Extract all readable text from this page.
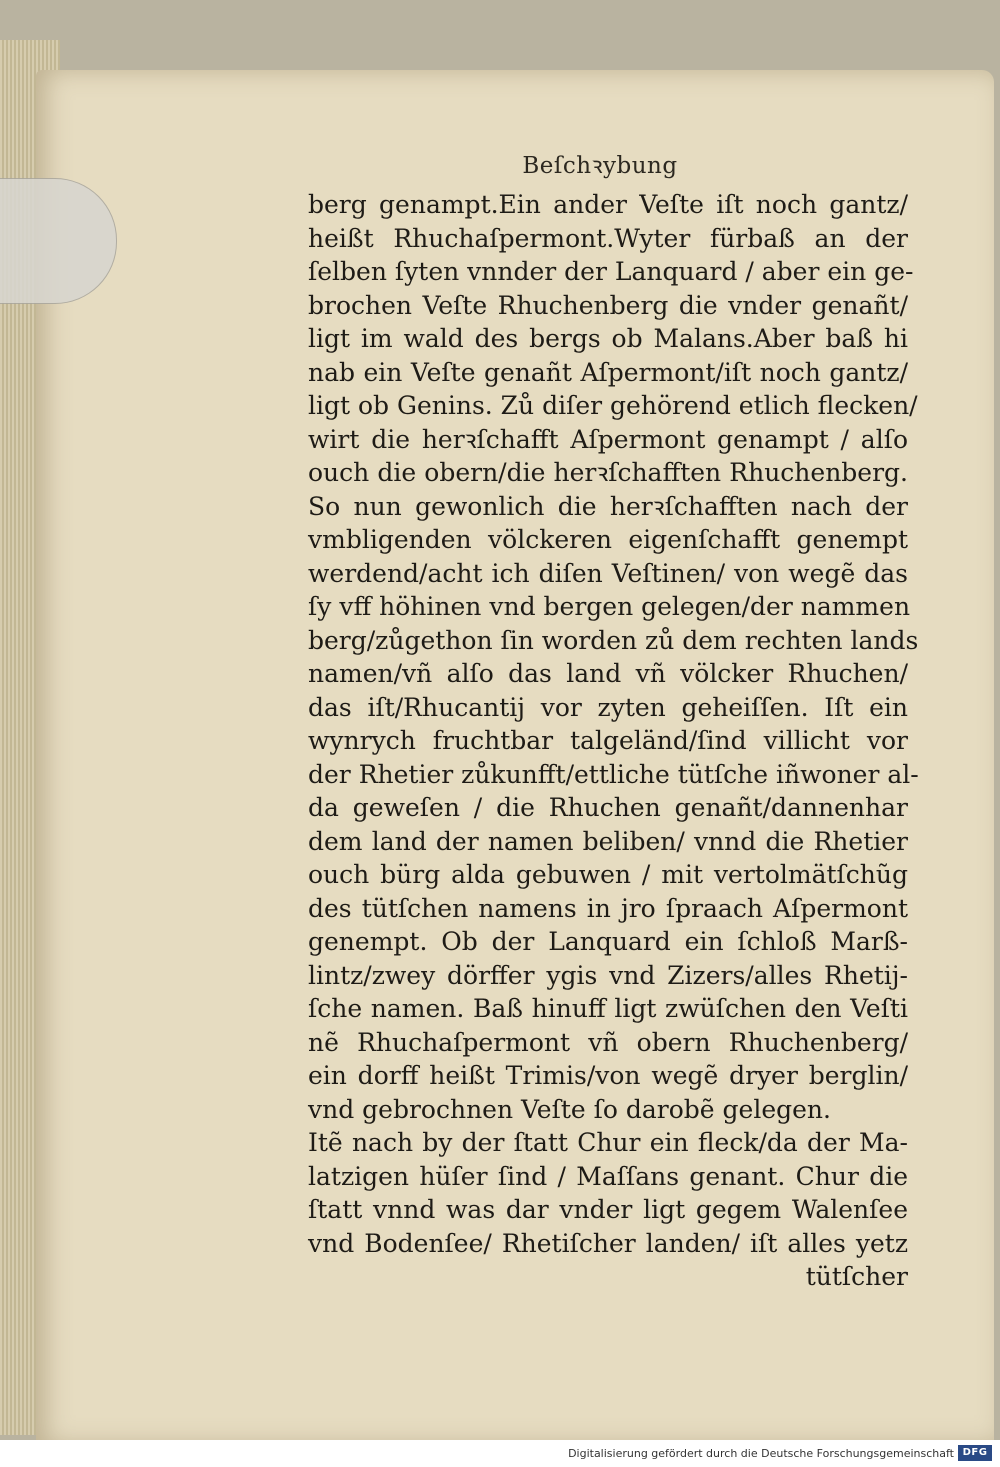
Beſchꝛybung
berg genampt.Ein ander Veſte iſt noch gantz/
heißt Rhuchaſpermont.Wyter fürbaß an der
ſelben ſyten vnnder der Lanquard / aber ein ge‐
brochen Veſte Rhuchenberg die vnder genañt/
ligt im wald des bergs ob Malans.Aber baß hi
nab ein Veſte genañt Aſpermont/iſt noch gantz/
ligt ob Genins. Zů diſer gehörend etlich flecken/
wirt die herꝛſchafft Aſpermont genampt / alſo
ouch die obern/die herꝛſchafften Rhuchenberg.
So nun gewonlich die herꝛſchafften nach der
vmbligenden völckeren eigenſchafft genempt
werdend/acht ich diſen Veſtinen/ von wegẽ das
ſy vff höhinen vnd bergen gelegen/der nammen
berg/zůgethon ſin worden zů dem rechten lands
namen/vñ alſo das land vñ völcker Rhuchen/
das iſt/Rhucantij vor zyten geheiſſen. Iſt ein
wynrych fruchtbar talgeländ/ſind villicht vor
der Rhetier zůkunfft/ettliche tütſche iñwoner al‐
da geweſen / die Rhuchen genañt/dannenhar
dem land der namen beliben/ vnnd die Rhetier
ouch bürg alda gebuwen / mit vertolmätſchũg
des tütſchen namens in jro ſpraach Aſpermont
genempt. Ob der Lanquard ein ſchloß Marß‐
lintz/zwey dörffer ygis vnd Zizers/alles Rhetij‐
ſche namen. Baß hinuff ligt zwüſchen den Veſti
nẽ Rhuchaſpermont vñ obern Rhuchenberg/
ein dorff heißt Trimis/von wegẽ dryer berglin/
vnd gebrochnen Veſte ſo darobẽ gelegen.
Itẽ nach by der ſtatt Chur ein fleck/da der Ma‐
latzigen hüſer ſind / Maſſans genant. Chur die
ſtatt vnnd was dar vnder ligt gegem Walenſee
vnd Bodenſee/ Rhetiſcher landen/ iſt alles yetz
tütſcher
Digitalisierung gefördert durch die Deutsche Forschungsgemeinschaft DFG
